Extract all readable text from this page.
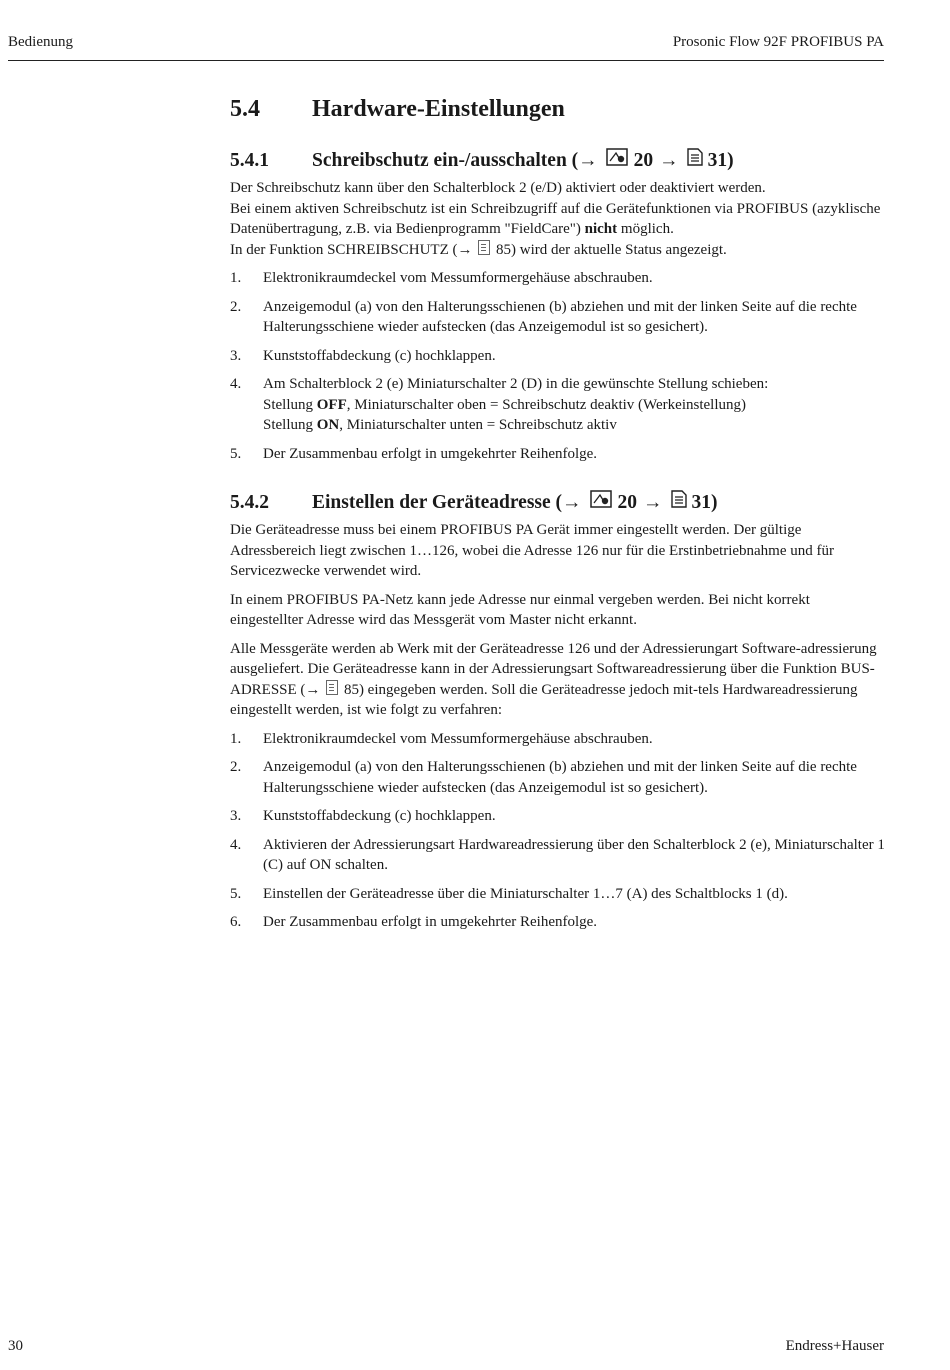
Bedienung	Prosonic Flow 92F PROFIBUS PA
5.4	Hardware-Einstellungen
5.4.1	Schreibschutz ein-/ausschalten (→ 20 → 31)

Der Schreibschutz kann über den Schalterblock 2 (e/D) aktiviert oder deaktiviert werden.
Bei einem aktiven Schreibschutz ist ein Schreibzugriff auf die Gerätefunktionen via PROFIBUS (azyklische Datenübertragung, z.B. via Bedienprogramm "FieldCare") nicht möglich.
In der Funktion SCHREIBSCHUTZ (→ 85) wird der aktuelle Status angezeigt.

1. Elektronikraumdeckel vom Messumformergehäuse abschrauben.
2. Anzeigemodul (a) von den Halterungsschienen (b) abziehen und mit der linken Seite auf die rechte Halterungsschiene wieder aufstecken (das Anzeigemodul ist so gesichert).
3. Kunststoffabdeckung (c) hochklappen.
4. Am Schalterblock 2 (e) Miniaturschalter 2 (D) in die gewünschte Stellung schieben:
Stellung OFF, Miniaturschalter oben = Schreibschutz deaktiv (Werkeinstellung)
Stellung ON, Miniaturschalter unten = Schreibschutz aktiv
5. Der Zusammenbau erfolgt in umgekehrter Reihenfolge.
5.4.2	Einstellen der Geräteadresse (→ 20 → 31)

Die Geräteadresse muss bei einem PROFIBUS PA Gerät immer eingestellt werden. Der gültige Adressbereich liegt zwischen 1…126, wobei die Adresse 126 nur für die Erstinbetriebnahme und für Servicezwecke verwendet wird.

In einem PROFIBUS PA-Netz kann jede Adresse nur einmal vergeben werden. Bei nicht korrekt eingestellter Adresse wird das Messgerät vom Master nicht erkannt.

Alle Messgeräte werden ab Werk mit der Geräteadresse 126 und der Adressierungart Software-adressierung ausgeliefert. Die Geräteadresse kann in der Adressierungsart Softwareadressierung über die Funktion BUS-ADRESSE (→ 85) eingegeben werden. Soll die Geräteadresse jedoch mit-tels Hardwareadressierung eingestellt werden, ist wie folgt zu verfahren:

1. Elektronikraumdeckel vom Messumformergehäuse abschrauben.
2. Anzeigemodul (a) von den Halterungsschienen (b) abziehen und mit der linken Seite auf die rechte Halterungsschiene wieder aufstecken (das Anzeigemodul ist so gesichert).
3. Kunststoffabdeckung (c) hochklappen.
4. Aktivieren der Adressierungsart Hardwareadressierung über den Schalterblock 2 (e), Miniaturschalter 1 (C) auf ON schalten.
5. Einstellen der Geräteadresse über die Miniaturschalter 1…7 (A) des Schaltblocks 1 (d).
6. Der Zusammenbau erfolgt in umgekehrter Reihenfolge.
30	Endress+Hauser
